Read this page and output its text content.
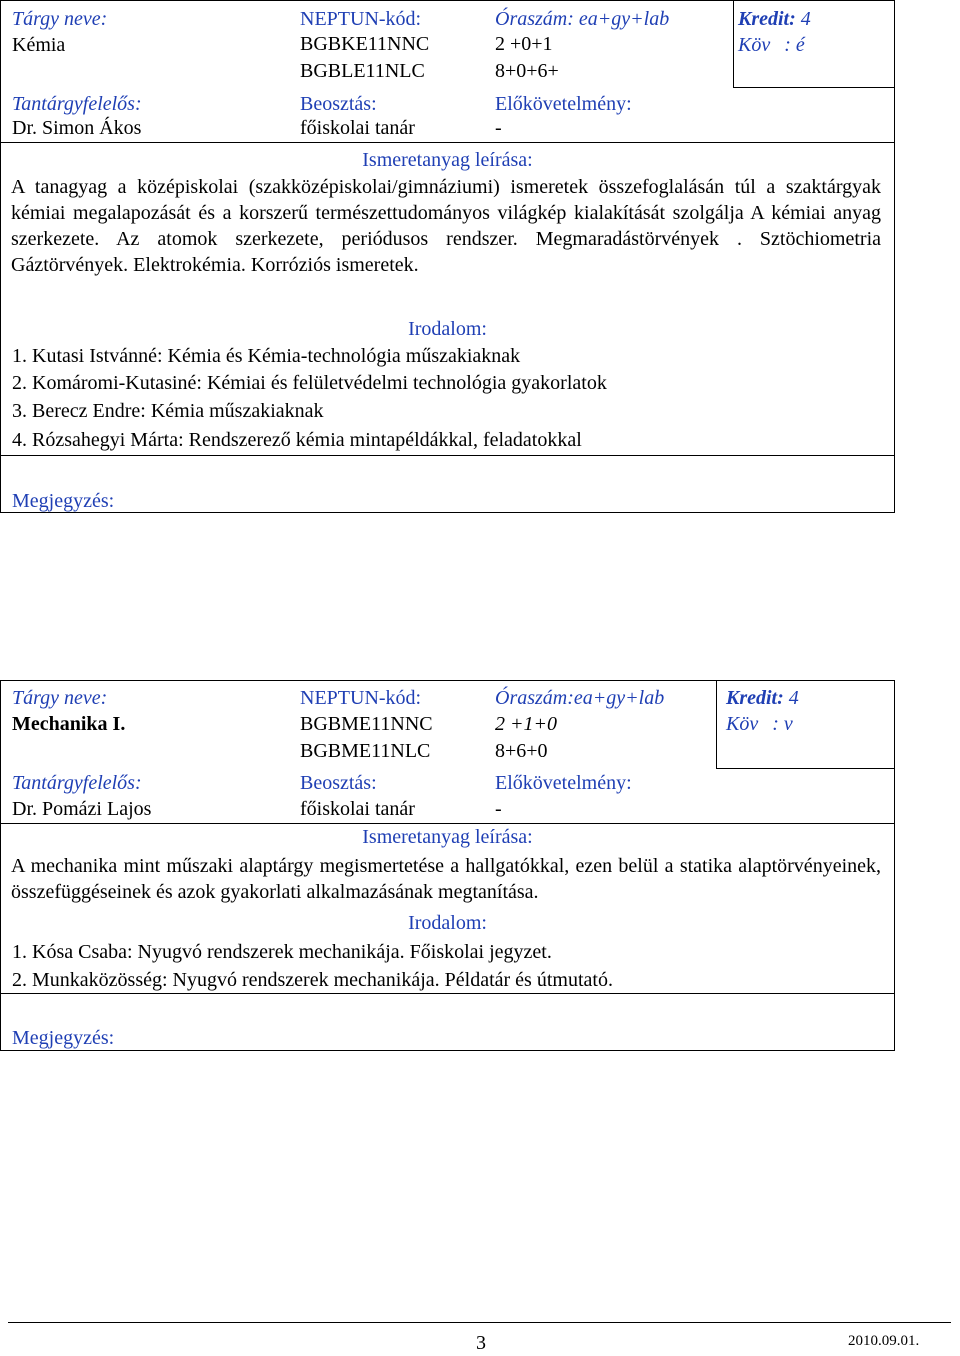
Tárgy neve:
Kémia
Tantárgyfelelős:
Dr. Simon Ákos
NEPTUN-kód:
BGBKE11NNC
BGBLE11NLC
Beosztás:
főiskolai tanár
Óraszám: ea+gy+lab
2 +0+1
8+0+6+
Előkövetelmény:
-
Kredit: 4
Köv : é
Ismeretanyag leírása:
A tanagyag a középiskolai (szakközépiskolai/gimnáziumi) ismeretek összefoglalásán túl a szaktárgyak kémiai megalapozását és a korszerű természettudományos világkép kialakítását szolgálja A kémiai anyag szerkezete. Az atomok szerkezete, periódusos rendszer. Megmaradástörvények . Sztöchiometria Gáztörvények. Elektrokémia. Korróziós ismeretek.
Irodalom:
1. Kutasi Istvánné: Kémia és Kémia-technológia műszakiaknak
2. Komáromi-Kutasiné: Kémiai és felületvédelmi technológia gyakorlatok
3. Berecz Endre: Kémia műszakiaknak
4. Rózsahegyi Márta: Rendszerező kémia mintapéldákkal, feladatokkal
Megjegyzés:
Tárgy neve:
Mechanika I.
Tantárgyfelelős:
Dr. Pomázi Lajos
NEPTUN-kód:
BGBME11NNC
BGBME11NLC
Beosztás:
főiskolai tanár
Óraszám:ea+gy+lab
2 +1+0
8+6+0
Előkövetelmény:
-
Kredit: 4
Köv : v
Ismeretanyag leírása:
A mechanika mint műszaki alaptárgy megismertetése a hallgatókkal, ezen belül a statika alaptörvényeinek, összefüggéseinek és azok gyakorlati alkalmazásának megtanítása.
Irodalom:
1. Kósa Csaba: Nyugvó rendszerek mechanikája. Főiskolai jegyzet.
2. Munkaközösség: Nyugvó rendszerek mechanikája. Példatár és útmutató.
Megjegyzés:
3	2010.09.01.
